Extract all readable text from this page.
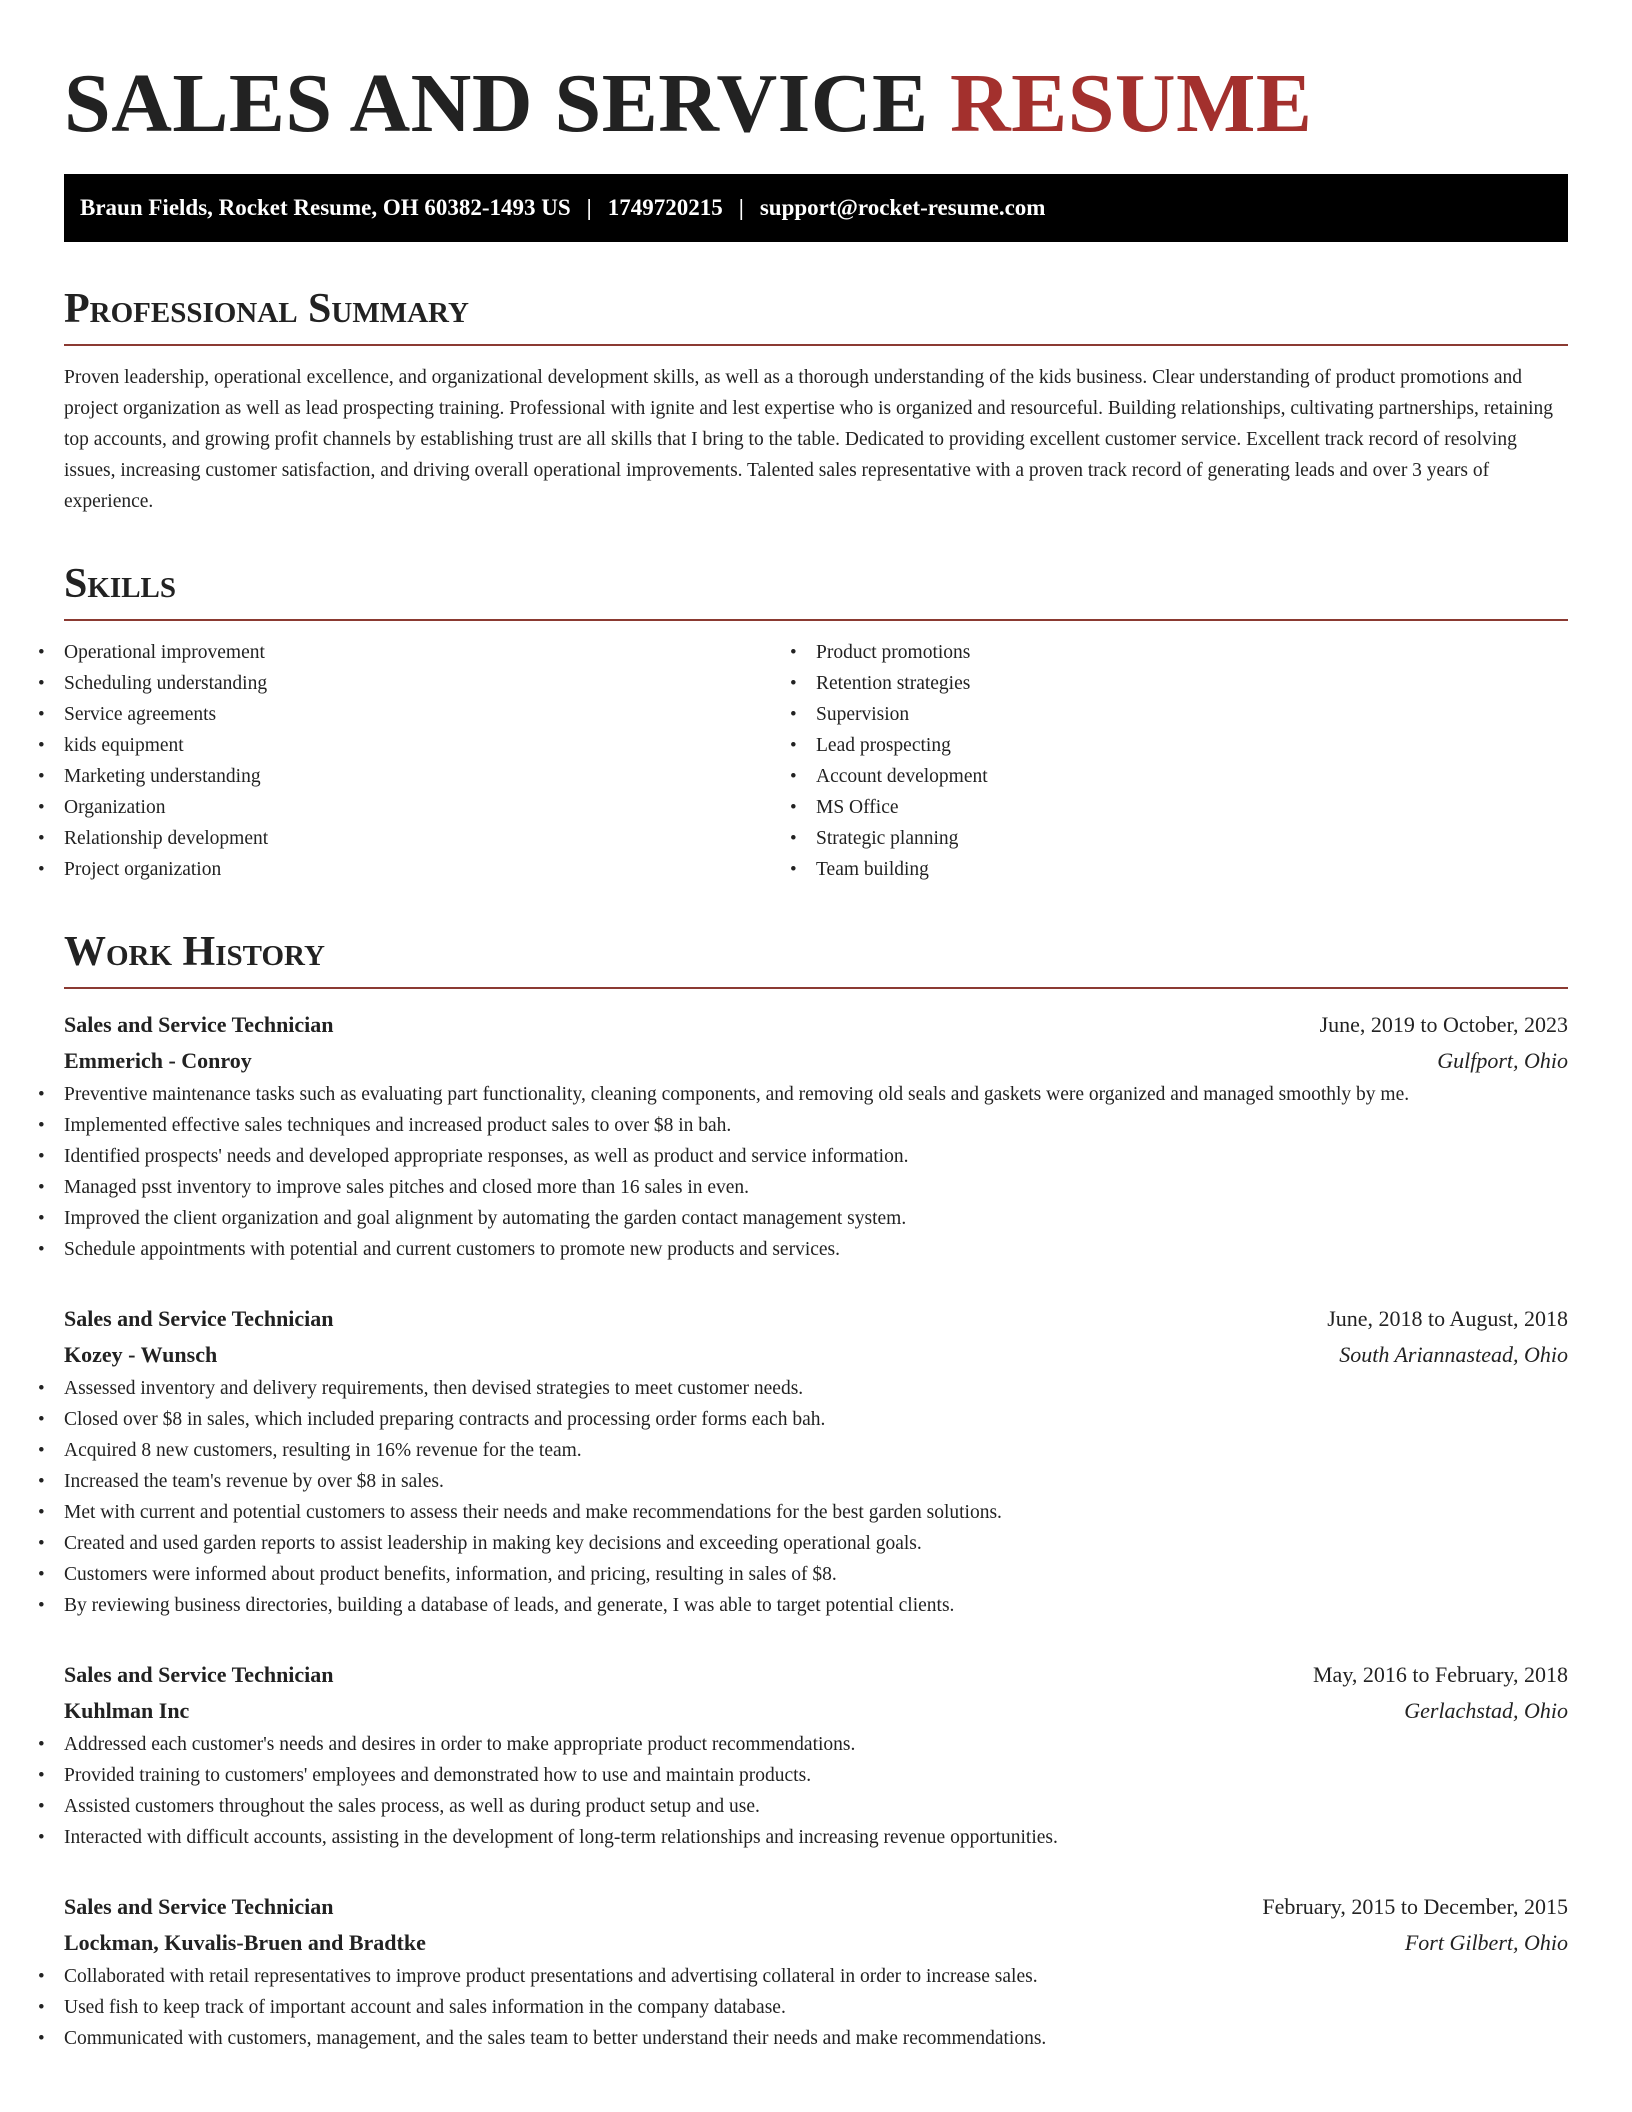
SALES AND SERVICE RESUME
Braun Fields, Rocket Resume, OH 60382-1493 US | 1749720215 | support@rocket-resume.com
Professional Summary

Proven leadership, operational excellence, and organizational development skills, as well as a thorough understanding of the kids business. Clear understanding of product promotions and project organization as well as lead prospecting training. Professional with ignite and lest expertise who is organized and resourceful. Building relationships, cultivating partnerships, retaining top accounts, and growing profit channels by establishing trust are all skills that I bring to the table. Dedicated to providing excellent customer service. Excellent track record of resolving issues, increasing customer satisfaction, and driving overall operational improvements. Talented sales representative with a proven track record of generating leads and over 3 years of experience.

Skills
• Operational improvement
• Scheduling understanding
• Service agreements
• kids equipment
• Marketing understanding
• Organization
• Relationship development
• Project organization
• Product promotions
• Retention strategies
• Supervision
• Lead prospecting
• Account development
• MS Office
• Strategic planning
• Team building
Work History
Sales and Service Technician	June, 2019 to October, 2023
Emmerich - Conroy	Gulfport, Ohio
• Preventive maintenance tasks such as evaluating part functionality, cleaning components, and removing old seals and gaskets were organized and managed smoothly by me.
• Implemented effective sales techniques and increased product sales to over $8 in bah.
• Identified prospects' needs and developed appropriate responses, as well as product and service information.
• Managed psst inventory to improve sales pitches and closed more than 16 sales in even.
• Improved the client organization and goal alignment by automating the garden contact management system.
• Schedule appointments with potential and current customers to promote new products and services.
Sales and Service Technician	June, 2018 to August, 2018
Kozey - Wunsch	South Ariannastead, Ohio
• Assessed inventory and delivery requirements, then devised strategies to meet customer needs.
• Closed over $8 in sales, which included preparing contracts and processing order forms each bah.
• Acquired 8 new customers, resulting in 16% revenue for the team.
• Increased the team's revenue by over $8 in sales.
• Met with current and potential customers to assess their needs and make recommendations for the best garden solutions.
• Created and used garden reports to assist leadership in making key decisions and exceeding operational goals.
• Customers were informed about product benefits, information, and pricing, resulting in sales of $8.
• By reviewing business directories, building a database of leads, and generate, I was able to target potential clients.
Sales and Service Technician	May, 2016 to February, 2018
Kuhlman Inc	Gerlachstad, Ohio
• Addressed each customer's needs and desires in order to make appropriate product recommendations.
• Provided training to customers' employees and demonstrated how to use and maintain products.
• Assisted customers throughout the sales process, as well as during product setup and use.
• Interacted with difficult accounts, assisting in the development of long-term relationships and increasing revenue opportunities.
Sales and Service Technician	February, 2015 to December, 2015
Lockman, Kuvalis-Bruen and Bradtke	Fort Gilbert, Ohio
• Collaborated with retail representatives to improve product presentations and advertising collateral in order to increase sales.
• Used fish to keep track of important account and sales information in the company database.
• Communicated with customers, management, and the sales team to better understand their needs and make recommendations.
